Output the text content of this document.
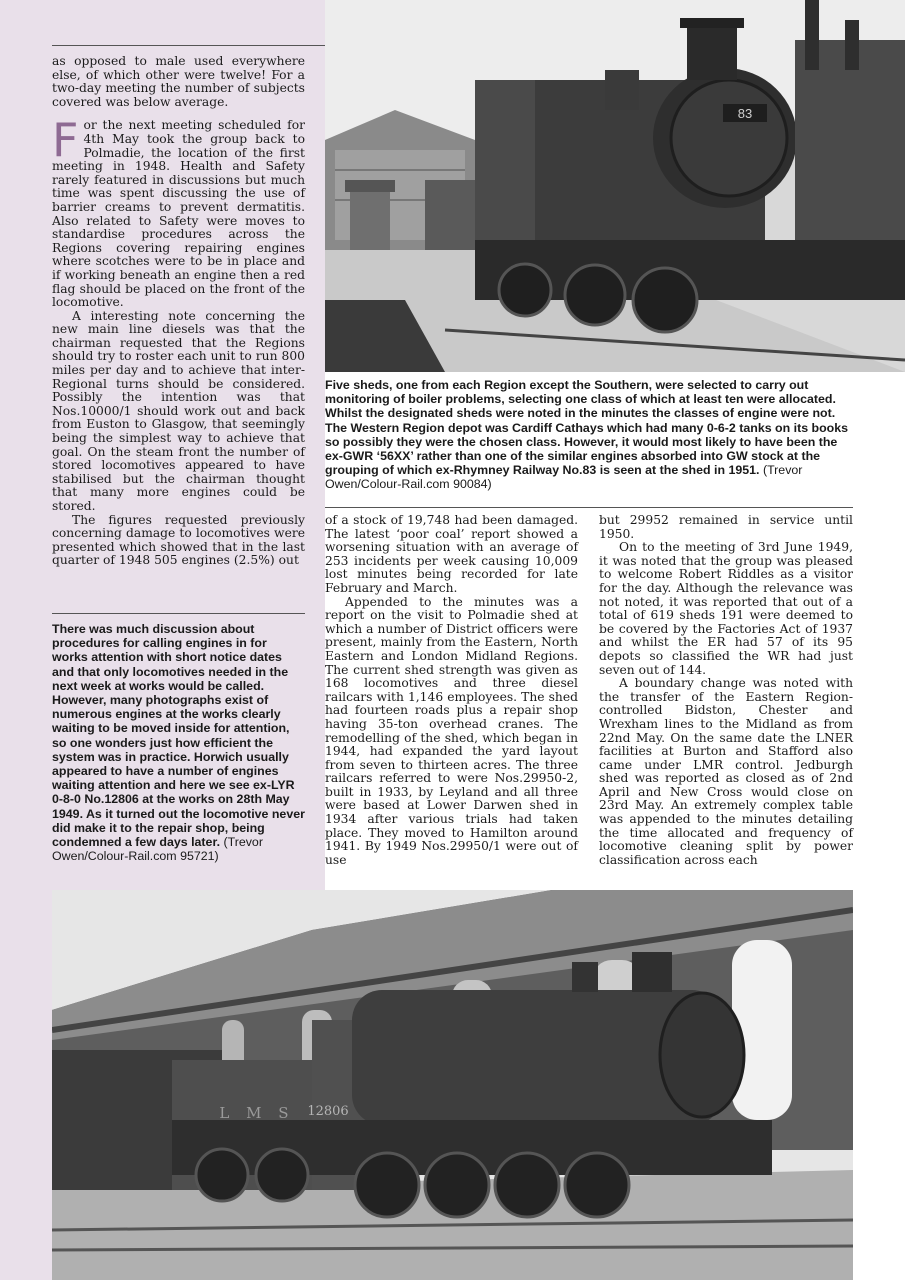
as opposed to male used everywhere else, of which other were twelve! For a two-day meeting the number of subjects covered was below average.

For the next meeting scheduled for 4th May took the group back to Polmadie, the location of the first meeting in 1948. Health and Safety rarely featured in discussions but much time was spent discussing the use of barrier creams to prevent dermatitis. Also related to Safety were moves to standardise procedures across the Regions covering repairing engines where scotches were to be in place and if working beneath an engine then a red flag should be placed on the front of the locomotive.

A interesting note concerning the new main line diesels was that the chairman requested that the Regions should try to roster each unit to run 800 miles per day and to achieve that inter-Regional turns should be considered. Possibly the intention was that Nos.10000/1 should work out and back from Euston to Glasgow, that seemingly being the simplest way to achieve that goal. On the steam front the number of stored locomotives appeared to have stabilised but the chairman thought that many more engines could be stored.

The figures requested previously concerning damage to locomotives were presented which showed that in the last quarter of 1948 505 engines (2.5%) out

There was much discussion about procedures for calling engines in for works attention with short notice dates and that only locomotives needed in the next week at works would be called. However, many photographs exist of numerous engines at the works clearly waiting to be moved inside for attention, so one wonders just how efficient the system was in practice. Horwich usually appeared to have a number of engines waiting attention and here we see ex-LYR 0-8-0 No.12806 at the works on 28th May 1949. As it turned out the locomotive never did make it to the repair shop, being condemned a few days later. (Trevor Owen/Colour-Rail.com 95721)
83
Five sheds, one from each Region except the Southern, were selected to carry out monitoring of boiler problems, selecting one class of which at least ten were allocated. Whilst the designated sheds were noted in the minutes the classes of engine were not. The Western Region depot was Cardiff Cathays which had many 0-6-2 tanks on its books so possibly they were the chosen class. However, it would most likely to have been the ex-GWR ‘56XX’ rather than one of the similar engines absorbed into GW stock at the grouping of which ex-Rhymney Railway No.83 is seen at the shed in 1951. (Trevor Owen/Colour-Rail.com 90084)

of a stock of 19,748 had been damaged. The latest ‘poor coal’ report showed a worsening situation with an average of 253 incidents per week causing 10,009 lost minutes being recorded for late February and March.

Appended to the minutes was a report on the visit to Polmadie shed at which a number of District officers were present, mainly from the Eastern, North Eastern and London Midland Regions. The current shed strength was given as 168 locomotives and three diesel railcars with 1,146 employees. The shed had fourteen roads plus a repair shop having 35-ton overhead cranes. The remodelling of the shed, which began in 1944, had expanded the yard layout from seven to thirteen acres. The three railcars referred to were Nos.29950-2, built in 1933, by Leyland and all three were based at Lower Darwen shed in 1934 after various trials had taken place. They moved to Hamilton around 1941. By 1949 Nos.29950/1 were out of use

but 29952 remained in service until 1950.

On to the meeting of 3rd June 1949, it was noted that the group was pleased to welcome Robert Riddles as a visitor for the day. Although the relevance was not noted, it was reported that out of a total of 619 sheds 191 were deemed to be covered by the Factories Act of 1937 and whilst the ER had 57 of its 95 depots so classified the WR had just seven out of 144.

A boundary change was noted with the transfer of the Eastern Region-controlled Bidston, Chester and Wrexham lines to the Midland as from 22nd May. On the same date the LNER facilities at Burton and Stafford also came under LMR control. Jedburgh shed was reported as closed as of 2nd April and New Cross would close on 23rd May. An extremely complex table was appended to the minutes detailing the time allocated and frequency of locomotive cleaning split by power classification across each

L M S 12806
